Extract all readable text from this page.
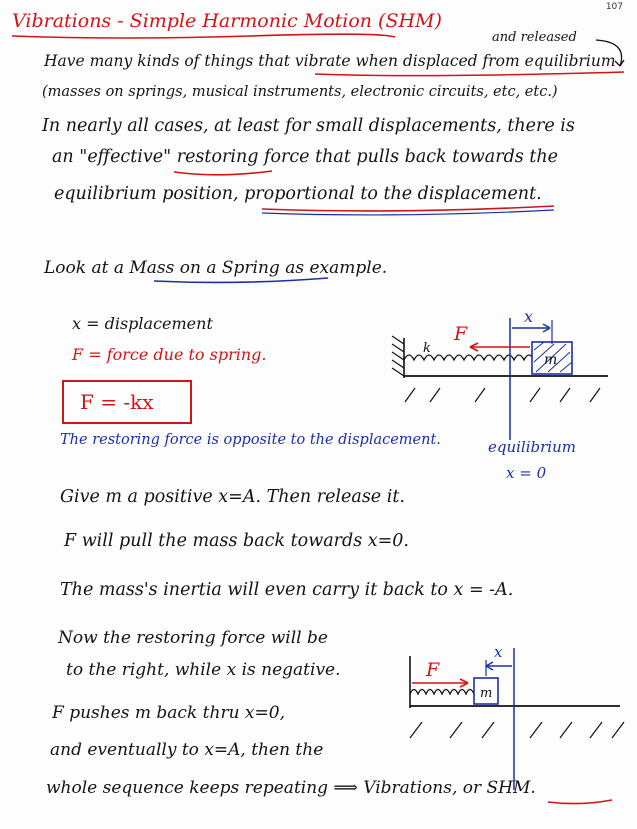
107
Vibrations - Simple Harmonic Motion (SHM)
Have many kinds of things that vibrate when displaced from equilibrium
and released
(masses on springs, musical instruments, electronic circuits, etc, etc.)
In nearly all cases, at least for small displacements, there is
an "effective" restoring force that pulls back towards the
equilibrium position, proportional to the displacement.
Look at a Mass on a Spring as example.
x = displacement
F = force due to spring.
F = -kx
The restoring force is opposite to the displacement.	equilibrium
x = 0
Give m a positive x=A. Then release it.
F will pull the mass back towards x=0.
The mass's inertia will even carry it back to x = -A.
Now the restoring force will be
to the right, while x is negative.
F pushes m back thru x=0,
and eventually to x=A, then the
whole sequence keeps repeating ⟹ Vibrations, or SHM.
F
x
k
m
F
x
m
